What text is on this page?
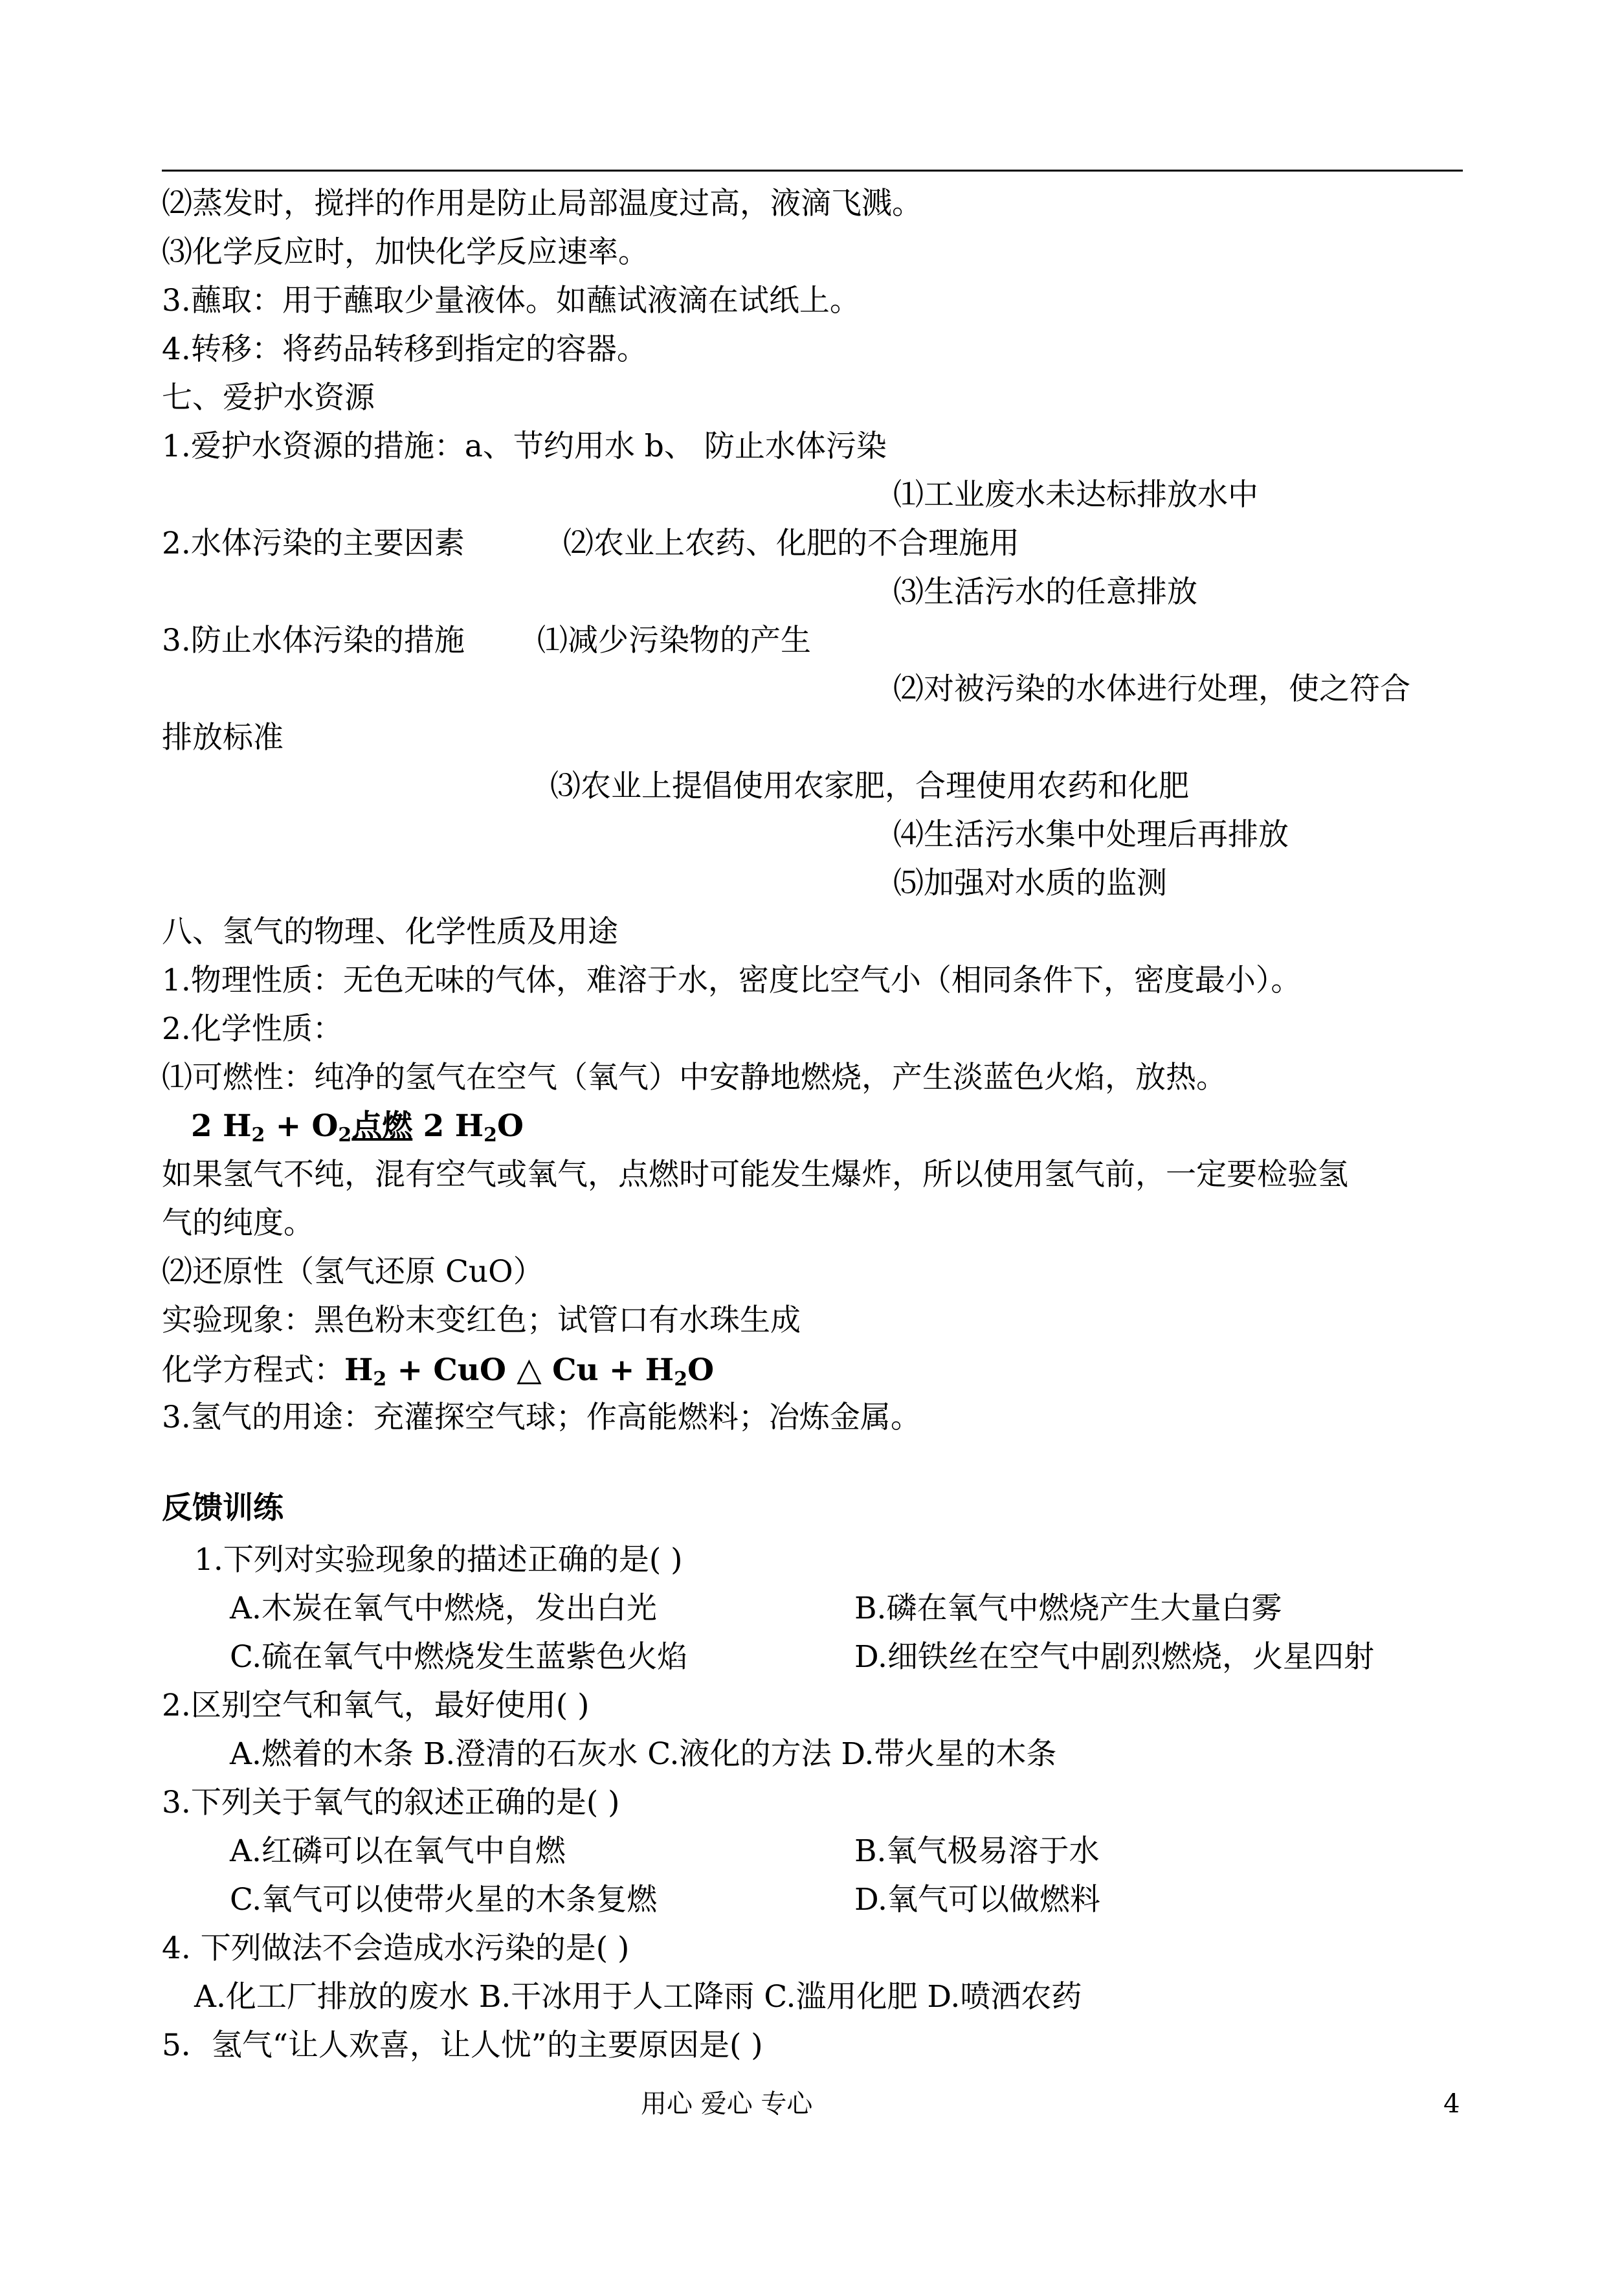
⑵蒸发时，搅拌的作用是防止局部温度过高，液滴飞溅。
⑶化学反应时，加快化学反应速率。
3.蘸取：用于蘸取少量液体。如蘸试液滴在试纸上。
4.转移：将药品转移到指定的容器。
七、爱护水资源
1.爱护水资源的措施：a、节约用水 b、 防止水体污染
⑴工业废水未达标排放水中
2.水体污染的主要因素	⑵农业上农药、化肥的不合理施用
⑶生活污水的任意排放
3.防止水体污染的措施 ⑴减少污染物的产生
⑵对被污染的水体进行处理，使之符合
排放标准
⑶农业上提倡使用农家肥，合理使用农药和化肥
⑷生活污水集中处理后再排放
⑸加强对水质的监测
八、氢气的物理、化学性质及用途
1.物理性质：无色无味的气体，难溶于水，密度比空气小（相同条件下，密度最小）。
2.化学性质：
⑴可燃性：纯净的氢气在空气（氧气）中安静地燃烧，产生淡蓝色火焰，放热。
2 $H_2 + O_2$点燃 2 $H_2O$
如果氢气不纯，混有空气或氧气，点燃时可能发生爆炸，所以使用氢气前，一定要检验氢
气的纯度。
⑵还原性（氢气还原 CuO）
实验现象：黑色粉末变红色；试管口有水珠生成
化学方程式：$H_2$ + CuO △ $Cu + H_2O$
3.氢气的用途：充灌探空气球；作高能燃料；冶炼金属。
反馈训练
1.下列对实验现象的描述正确的是( )
A.木炭在氧气中燃烧，发出白光	B.磷在氧气中燃烧产生大量白雾
C.硫在氧气中燃烧发生蓝紫色火焰	D.细铁丝在空气中剧烈燃烧，火星四射
2.区别空气和氧气，最好使用( )
A.燃着的木条 B.澄清的石灰水 C.液化的方法 D.带火星的木条
3.下列关于氧气的叙述正确的是( )
A.红磷可以在氧气中自燃	B.氧气极易溶于水
C.氧气可以使带火星的木条复燃	D.氧气可以做燃料
4. 下列做法不会造成水污染的是( )
A.化工厂排放的废水 B.干冰用于人工降雨 C.滥用化肥 D.喷洒农药
5．氢气“让人欢喜，让人忧”的主要原因是( )
用心 爱心 专心	4
